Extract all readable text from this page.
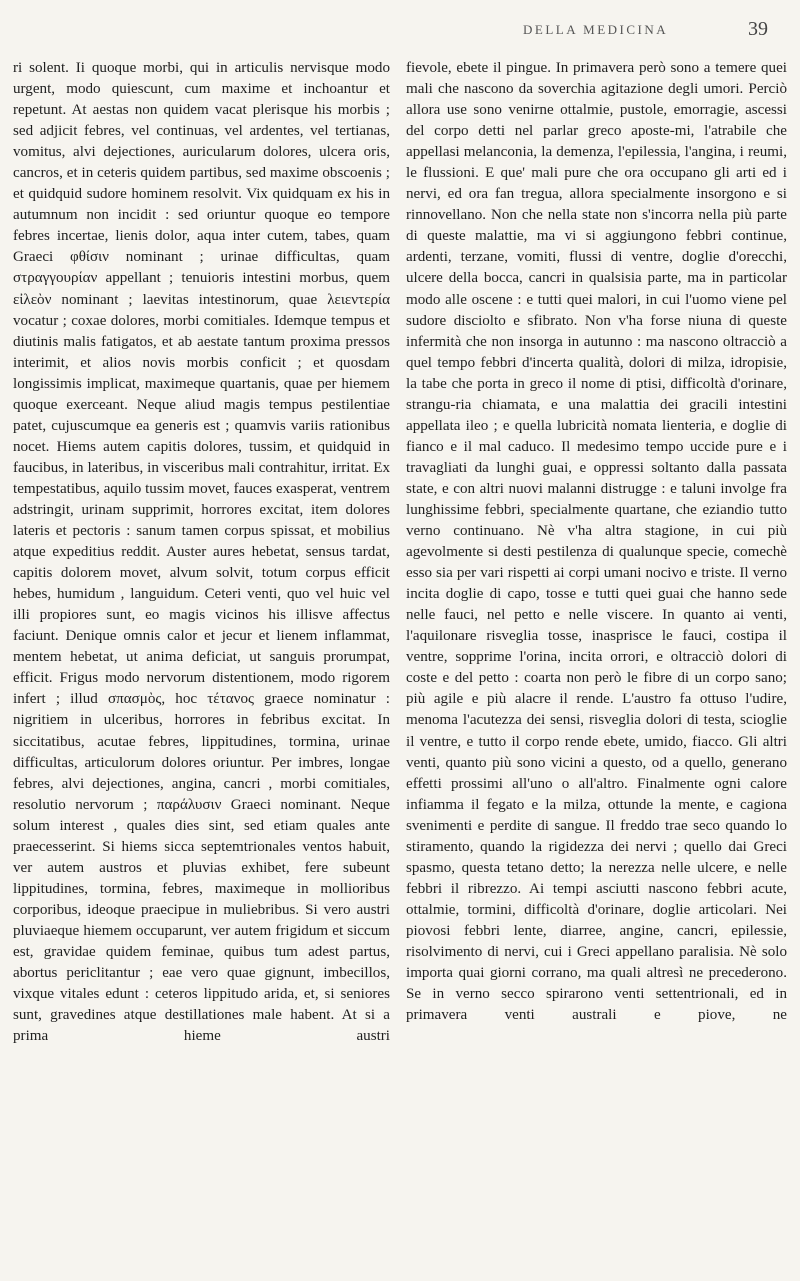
DELLA MEDICINA	39

ri solent. Ii quoque morbi, qui in articulis nervisque modo urgent, modo quiescunt, cum maxime et inchoantur et repetunt. At aestas non quidem vacat plerisque his morbis ; sed adjicit febres, vel continuas, vel ardentes, vel tertianas, vomitus, alvi dejectiones, auricularum dolores, ulcera oris, cancros, et in ceteris quidem partibus, sed maxime obscoenis ; et quidquid sudore hominem resolvit. Vix quidquam ex his in autumnum non incidit : sed oriuntur quoque eo tempore febres incertae, lienis dolor, aqua inter cutem, tabes, quam Graeci φθίσιν nominant ; urinae difficultas, quam στραγγουρίαν appellant ; tenuioris intestini morbus, quem εἰλεὸν nominant ; laevitas intestinorum, quae λειεντερία vocatur ; coxae dolores, morbi comitiales. Idemque tempus et diutinis malis fatigatos, et ab aestate tantum proxima pressos interimit, et alios novis morbis conficit ; et quosdam longissimis implicat, maximeque quartanis, quae per hiemem quoque exerceant. Neque aliud magis tempus pestilentiae patet, cujuscumque ea generis est ; quamvis variis rationibus nocet. Hiems autem capitis dolores, tussim, et quidquid in faucibus, in lateribus, in visceribus mali contrahitur, irritat. Ex tempestatibus, aquilo tussim movet, fauces exasperat, ventrem adstringit, urinam supprimit, horrores excitat, item dolores lateris et pectoris : sanum tamen corpus spissat, et mobilius atque expeditius reddit. Auster aures hebetat, sensus tardat, capitis dolorem movet, alvum solvit, totum corpus efficit hebes, humidum , languidum. Ceteri venti, quo vel huic vel illi propiores sunt, eo magis vicinos his illisve affectus faciunt. Denique omnis calor et jecur et lienem inflammat, mentem hebetat, ut anima deficiat, ut sanguis prorumpat, efficit. Frigus modo nervorum distentionem, modo rigorem infert ; illud σπασμὸς, hoc τέτανος graece nominatur : nigritiem in ulceribus, horrores in febribus excitat. In siccitatibus, acutae febres, lippitudines, tormina, urinae difficultas, articulorum dolores oriuntur. Per imbres, longae febres, alvi dejectiones, angina, cancri , morbi comitiales, resolutio nervorum ; παράλυσιν Graeci nominant. Neque solum interest , quales dies sint, sed etiam quales ante praecesserint. Si hiems sicca septemtrionales ventos habuit, ver autem austros et pluvias exhibet, fere subeunt lippitudines, tormina, febres, maximeque in mollioribus corporibus, ideoque praecipue in muliebribus. Si vero austri pluviaeque hiemem occuparunt, ver autem frigidum et siccum est, gravidae quidem feminae, quibus tum adest partus, abortus periclitantur ; eae vero quae gignunt, imbecillos, vixque vitales edunt : ceteros lippitudo arida, et, si seniores sunt, gravedines atque destillationes male habent. At si a prima hieme austri

fievole, ebete il pingue. In primavera però sono a temere quei mali che nascono da soverchia agitazione degli umori. Perciò allora use sono venirne ottalmie, pustole, emorragie, ascessi del corpo detti nel parlar greco aposte-mi, l'atrabile che appellasi melanconia, la demenza, l'epilessia, l'angina, i reumi, le flussioni. E que' mali pure che ora occupano gli arti ed i nervi, ed ora fan tregua, allora specialmente insorgono e si rinnovellano. Non che nella state non s'incorra nella più parte di queste malattie, ma vi si aggiungono febbri continue, ardenti, terzane, vomiti, flussi di ventre, doglie d'orecchi, ulcere della bocca, cancri in qualsisia parte, ma in particolar modo alle oscene : e tutti quei malori, in cui l'uomo viene pel sudore disciolto e sfibrato. Non v'ha forse niuna di queste infermità che non insorga in autunno : ma nascono oltracciò a quel tempo febbri d'incerta qualità, dolori di milza, idropisie, la tabe che porta in greco il nome di ptisi, difficoltà d'orinare, strangu-ria chiamata, e una malattia dei gracili intestini appellata ileo ; e quella lubricità nomata lienteria, e doglie di fianco e il mal caduco. Il medesimo tempo uccide pure e i travagliati da lunghi guai, e oppressi soltanto dalla passata state, e con altri nuovi malanni distrugge : e taluni involge fra lunghissime febbri, specialmente quartane, che eziandio tutto verno continuano. Nè v'ha altra stagione, in cui più agevolmente si desti pestilenza di qualunque specie, comechè esso sia per vari rispetti ai corpi umani nocivo e triste. Il verno incita doglie di capo, tosse e tutti quei guai che hanno sede nelle fauci, nel petto e nelle viscere. In quanto ai venti, l'aquilonare risveglia tosse, inasprisce le fauci, costipa il ventre, sopprime l'orina, incita orrori, e oltracciò dolori di coste e del petto : coarta non però le fibre di un corpo sano; più agile e più alacre il rende. L'austro fa ottuso l'udire, menoma l'acutezza dei sensi, risveglia dolori di testa, scioglie il ventre, e tutto il corpo rende ebete, umido, fiacco. Gli altri venti, quanto più sono vicini a questo, od a quello, generano effetti prossimi all'uno o all'altro. Finalmente ogni calore infiamma il fegato e la milza, ottunde la mente, e cagiona svenimenti e perdite di sangue. Il freddo trae seco quando lo stiramento, quando la rigidezza dei nervi ; quello dai Greci spasmo, questa tetano detto; la nerezza nelle ulcere, e nelle febbri il ribrezzo. Ai tempi asciutti nascono febbri acute, ottalmie, tormini, difficoltà d'orinare, doglie articolari. Nei piovosi febbri lente, diarree, angine, cancri, epilessie, risolvimento di nervi, cui i Greci appellano paralisia. Nè solo importa quai giorni corrano, ma quali altresì ne precederono. Se in verno secco spirarono venti settentrionali, ed in primavera venti australi e piove, ne
